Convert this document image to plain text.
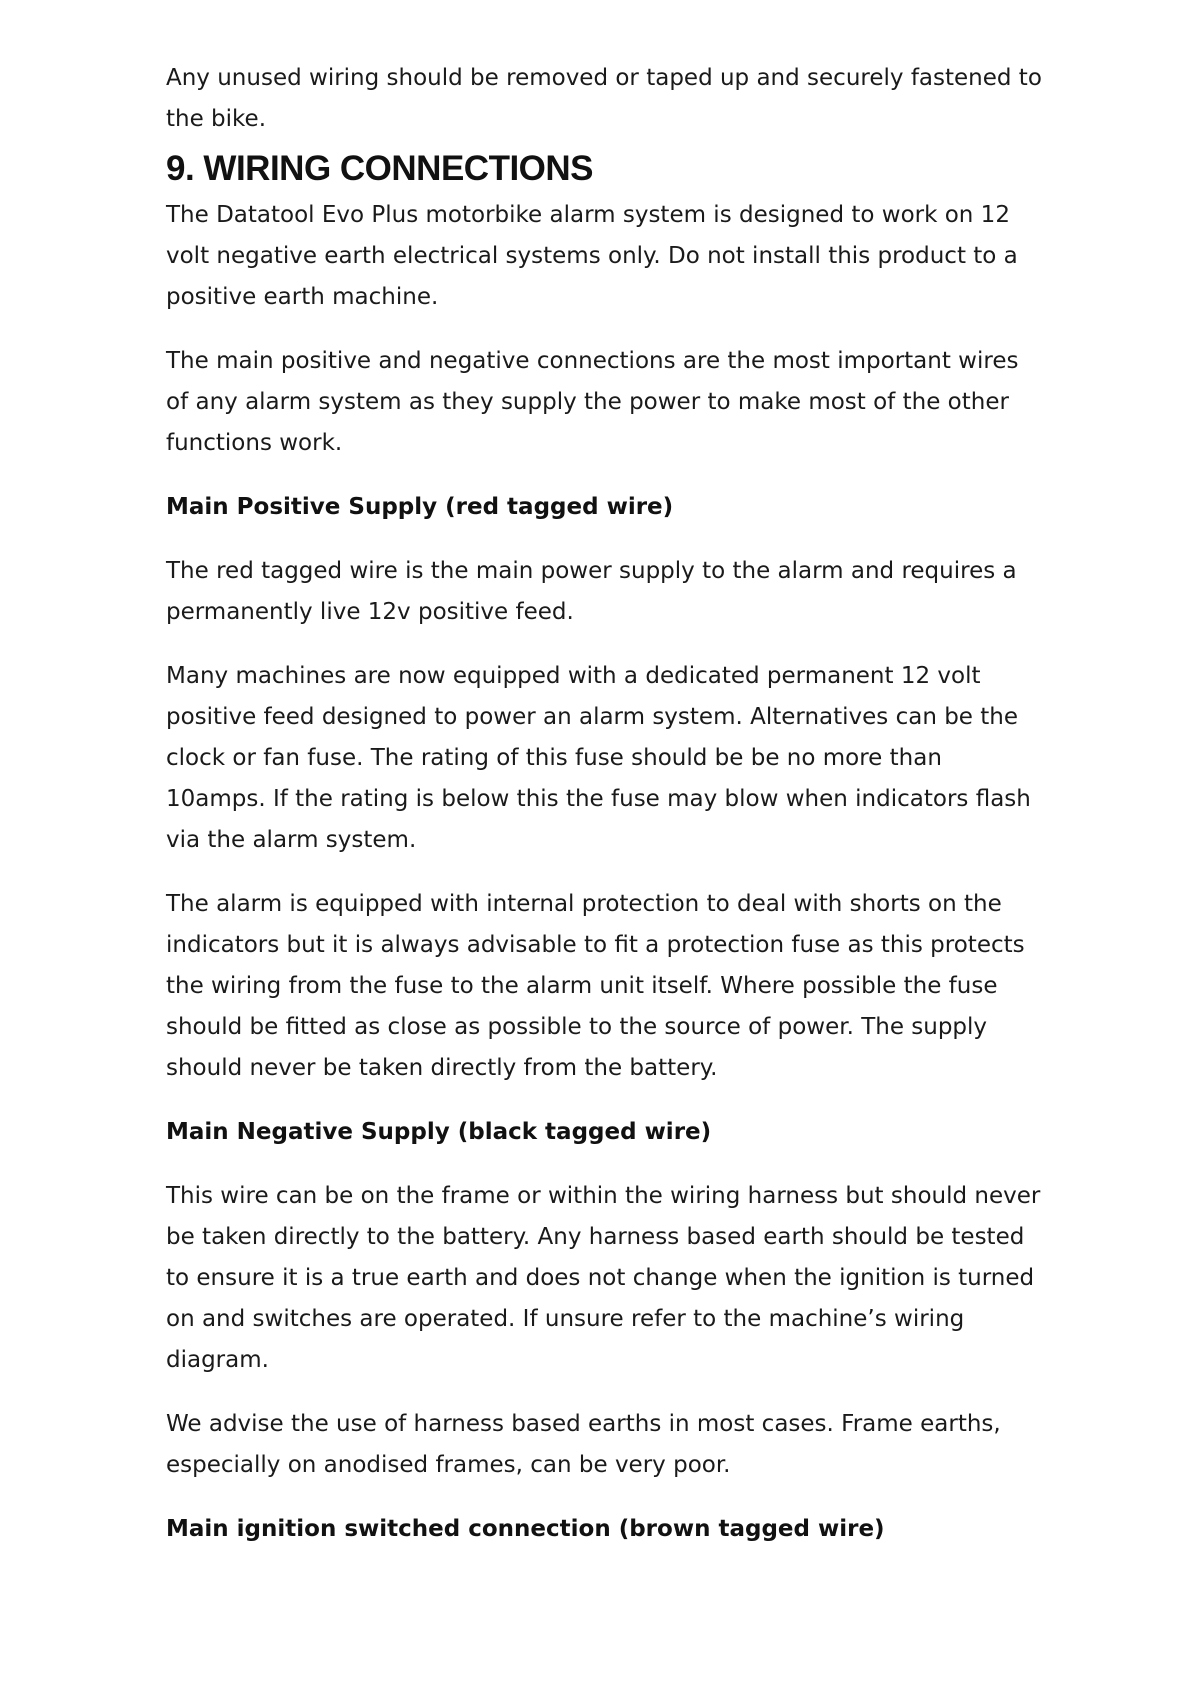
Any unused wiring should be removed or taped up and securely fastened to the bike.

9. WIRING CONNECTIONS

The Datatool Evo Plus motorbike alarm system is designed to work on 12 volt negative earth electrical systems only. Do not install this product to a positive earth machine.

The main positive and negative connections are the most important wires of any alarm system as they supply the power to make most of the other functions work.

Main Positive Supply (red tagged wire)

The red tagged wire is the main power supply to the alarm and requires a permanently live 12v positive feed.

Many machines are now equipped with a dedicated permanent 12 volt positive feed designed to power an alarm system. Alternatives can be the clock or fan fuse. The rating of this fuse should be be no more than 10amps. If the rating is below this the fuse may blow when indicators flash via the alarm system.

The alarm is equipped with internal protection to deal with shorts on the indicators but it is always advisable to fit a protection fuse as this protects the wiring from the fuse to the alarm unit itself. Where possible the fuse should be fitted as close as possible to the source of power. The supply should never be taken directly from the battery.

Main Negative Supply (black tagged wire)

This wire can be on the frame or within the wiring harness but should never be taken directly to the battery. Any harness based earth should be tested to ensure it is a true earth and does not change when the ignition is turned on and switches are operated. If unsure refer to the machine’s wiring diagram.

We advise the use of harness based earths in most cases. Frame earths, especially on anodised frames, can be very poor.

Main ignition switched connection (brown tagged wire)
